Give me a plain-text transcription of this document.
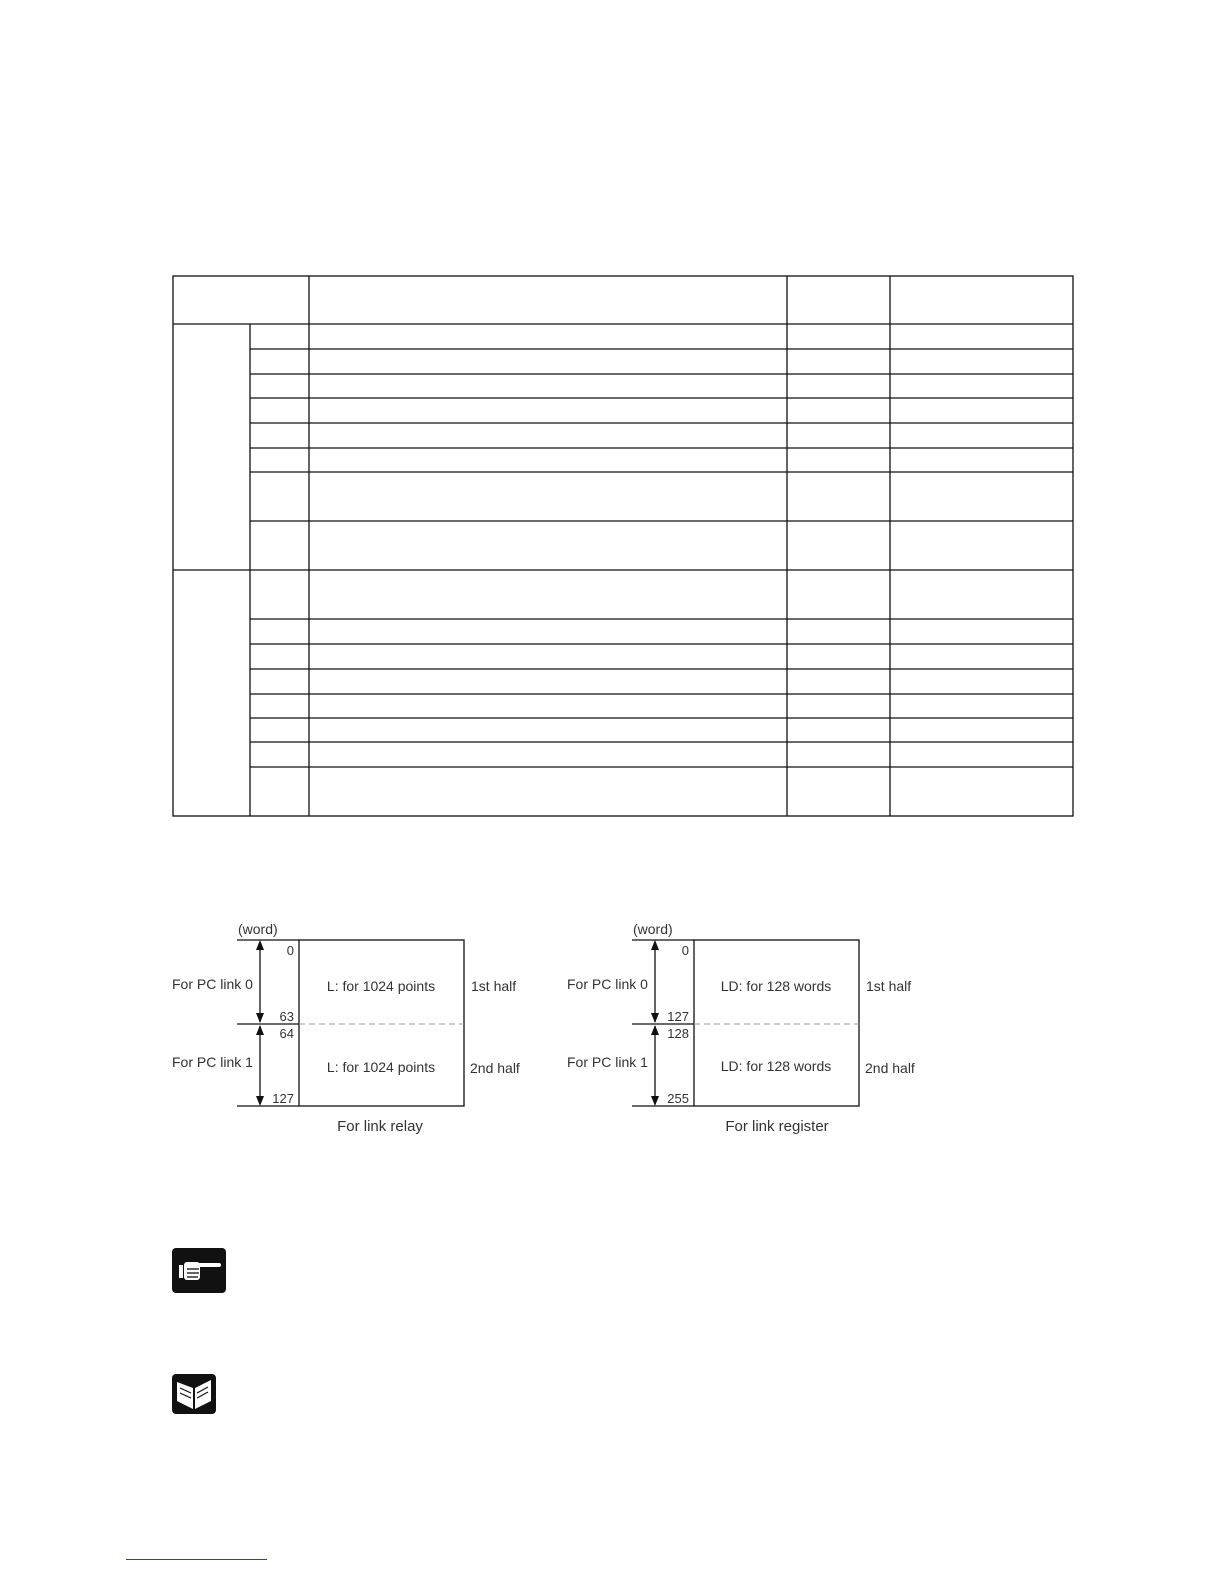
(word)
For PC link 0
For PC link 1
0
63
64
127
L: for 1024 points
L: for 1024 points
1st half
2nd half
For link relay
(word)
For PC link 0
For PC link 1
0
127
128
255
LD: for 128 words
LD: for 128 words
1st half
2nd half
For link register
